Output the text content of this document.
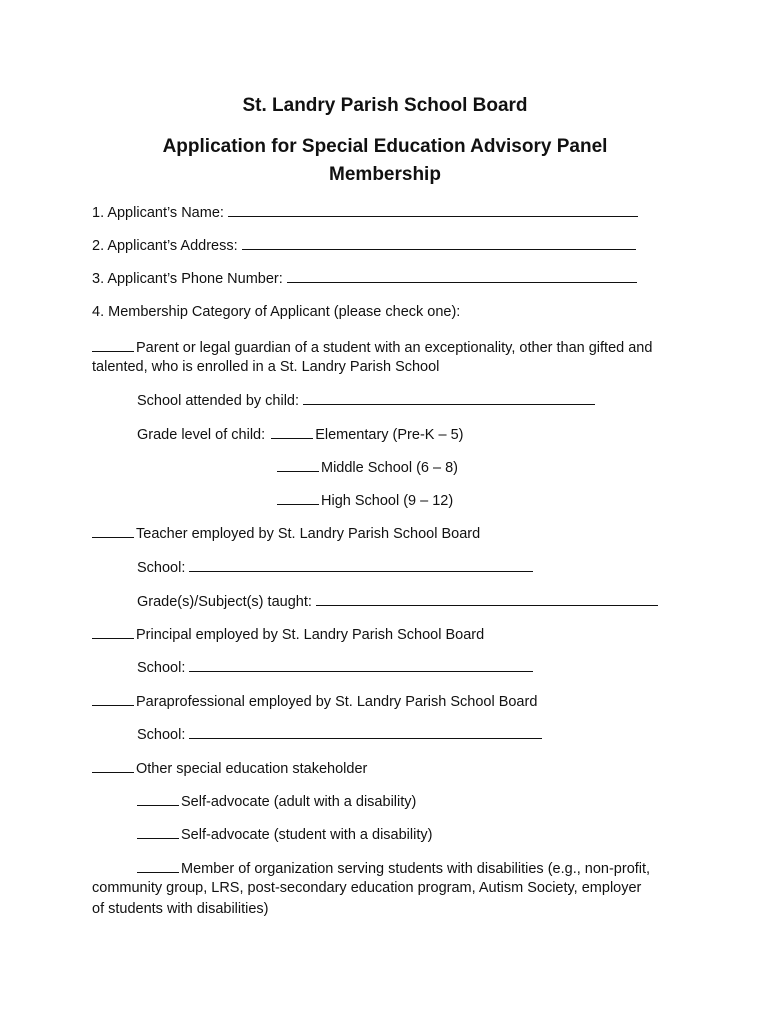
St. Landry Parish School Board
Application for Special Education Advisory Panel
Membership
1. Applicant’s Name:
2. Applicant’s Address:
3. Applicant’s Phone Number:
4. Membership Category of Applicant (please check one):
Parent or legal guardian of a student with an exceptionality, other than gifted and
talented, who is enrolled in a St. Landry Parish School
School attended by child:
Grade level of child:	Elementary (Pre-K – 5)
Middle School (6 – 8)
High School (9 – 12)
Teacher employed by St. Landry Parish School Board
School:
Grade(s)/Subject(s) taught:
Principal employed by St. Landry Parish School Board
School:
Paraprofessional employed by St. Landry Parish School Board
School:
Other special education stakeholder
Self-advocate (adult with a disability)
Self-advocate (student with a disability)
Member of organization serving students with disabilities (e.g., non-profit,
community group, LRS, post-secondary education program, Autism Society, employer
of students with disabilities)
